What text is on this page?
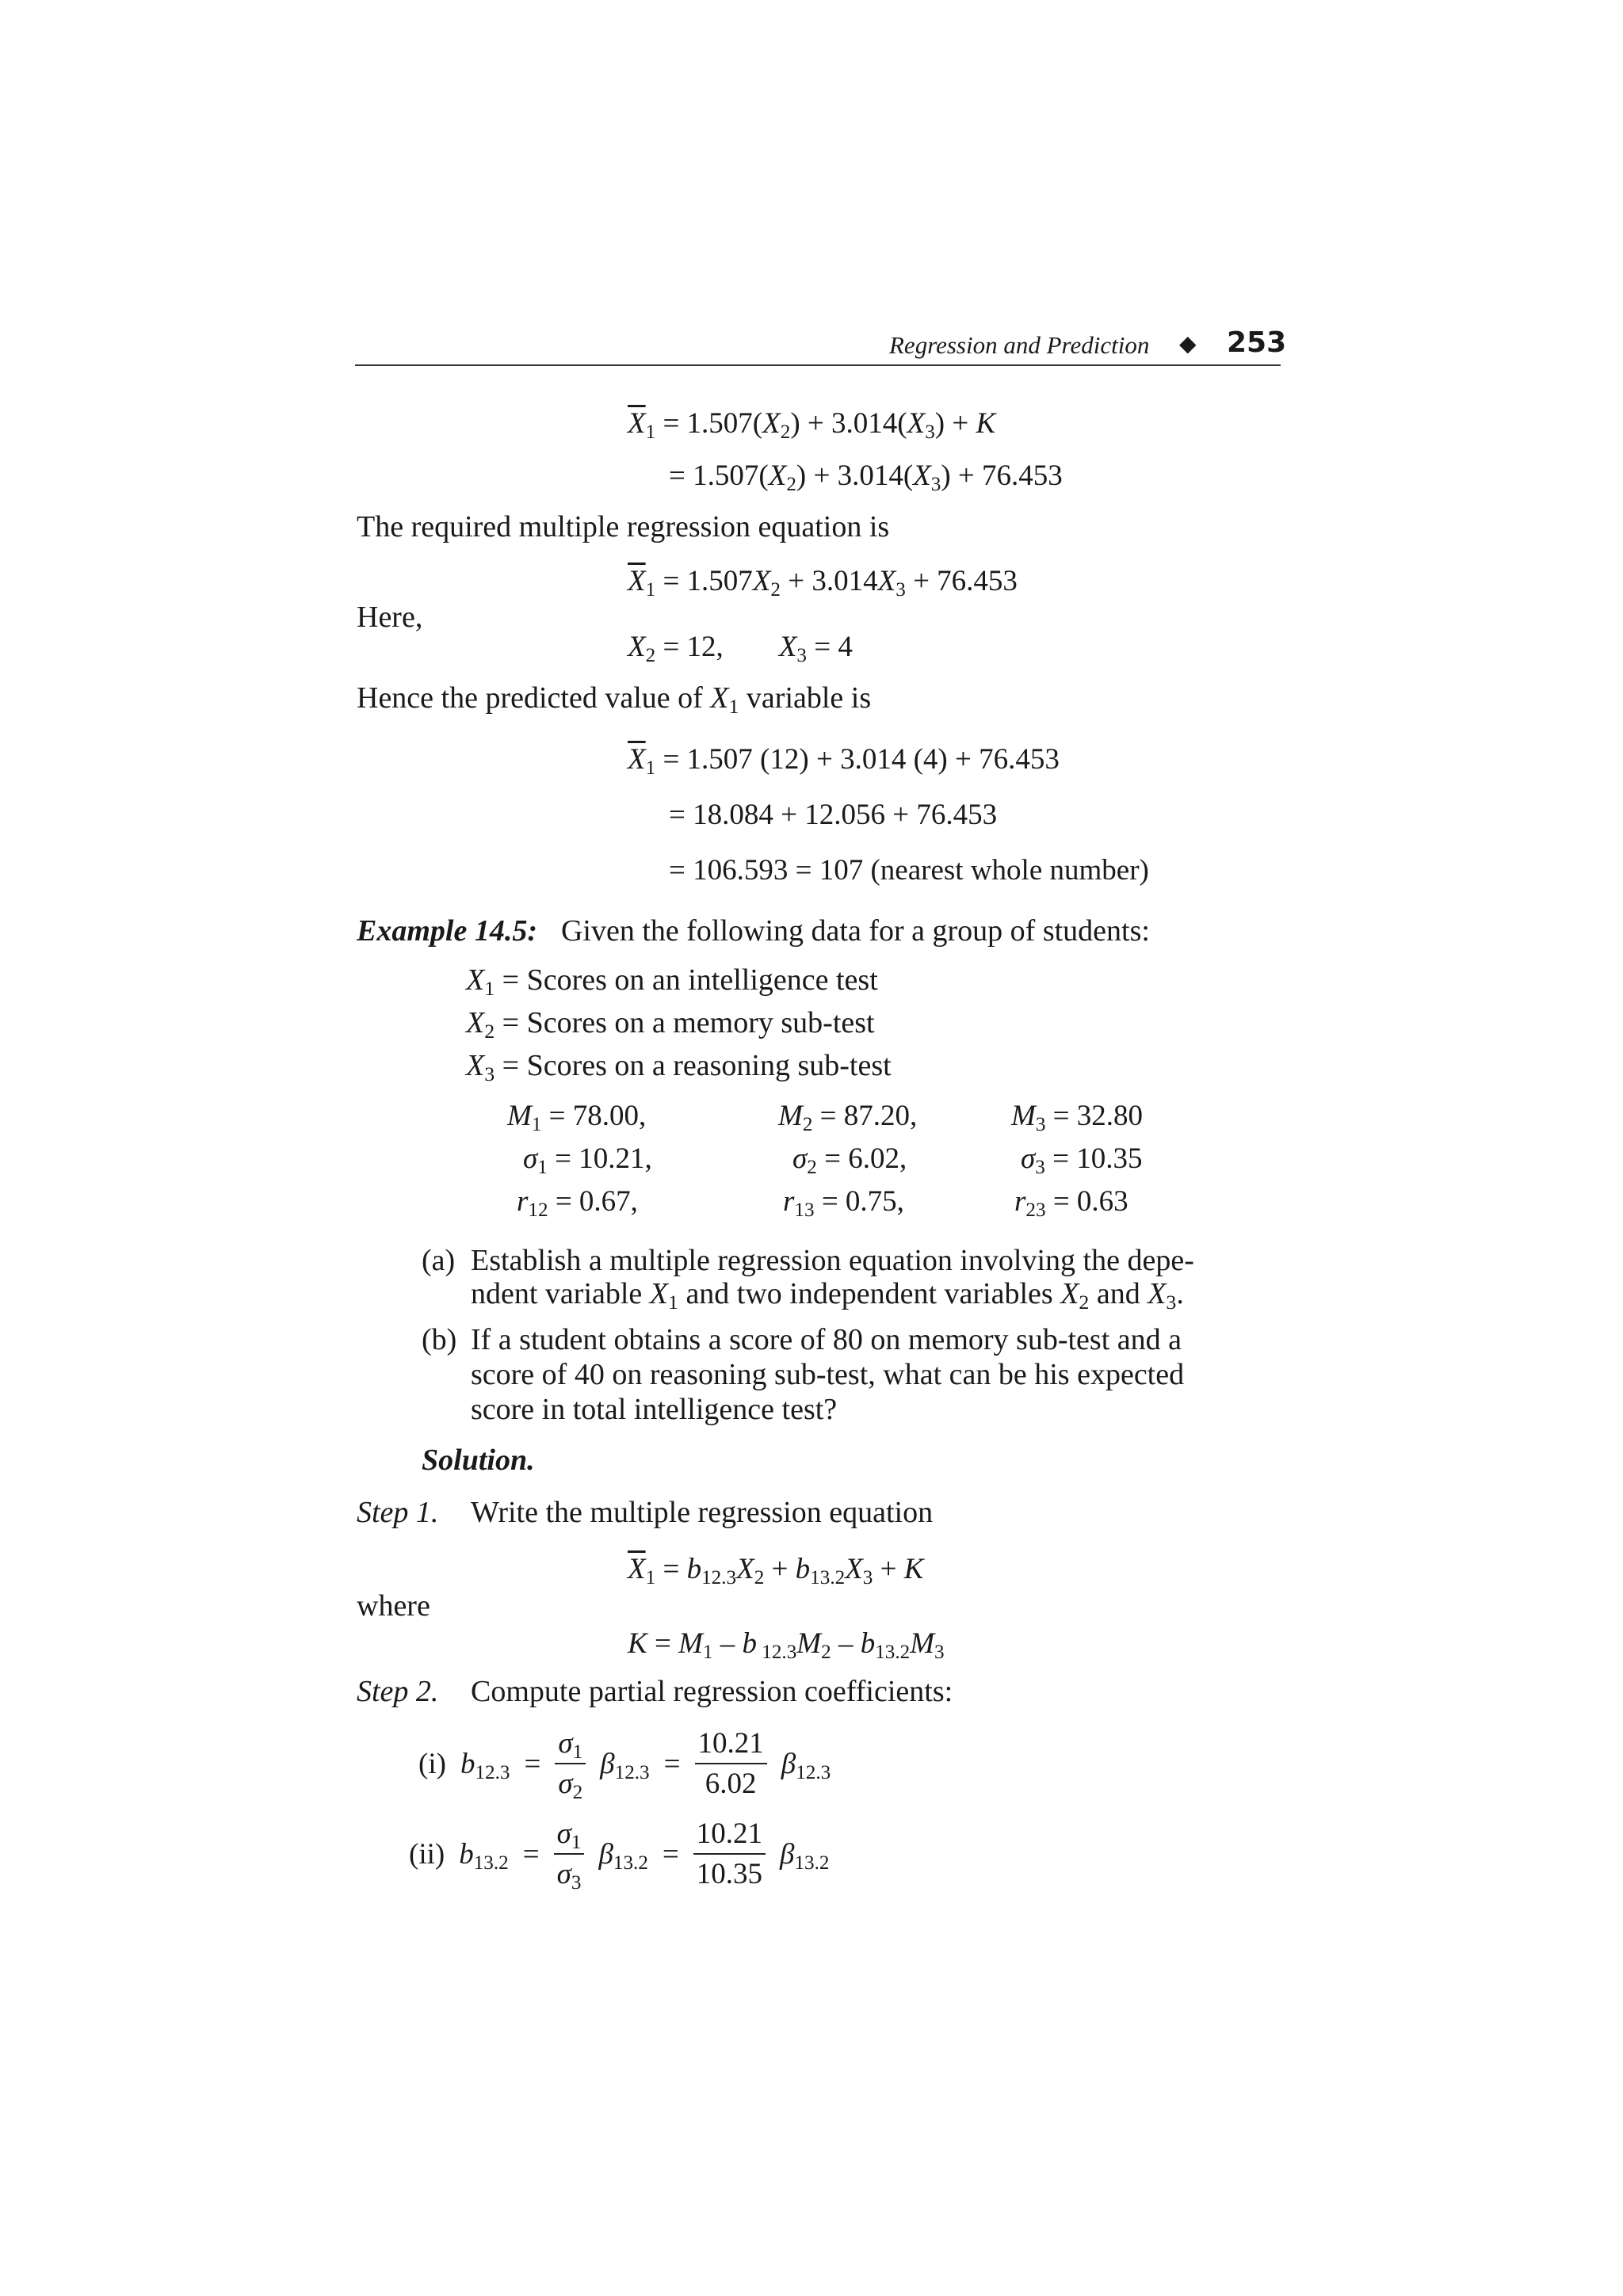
Regression and Prediction ◆ 253
$\overline{X}_1 = 1.507(X_2) + 3.014(X_3) + K$
= $1.507(X_2) + 3.014(X_3) + 76.453$
The required multiple regression equation is
$\overline{X}_1 = 1.507X_2 + 3.014X_3 + 76.453$
Here,
$X_2 = 12$, $X_3 = 4$
Hence the predicted value of $X_1$ variable is
$\overline{X}_1 = 1.507$ (12) + 3.014 (4) + 76.453
= 18.084 + 12.056 + 76.453
= 106.593 = 107 (nearest whole number)
Example 14.5: Given the following data for a group of students:
$X_1$ = Scores on an intelligence test
$X_2$ = Scores on a memory sub-test
$X_3$ = Scores on a reasoning sub-test
$M_1 = 78.00$,	$M_2 = 87.20$,	$M_3 = 32.80$
$\sigma_1 = 10.21$,	$\sigma_2 = 6.02$,	$\sigma_3 = 10.35$
$r_{12} = 0.67$,	$r_{13} = 0.75$,	$r_{23} = 0.63$
(a) Establish a multiple regression equation involving the depe-
ndent variable $X_1$ and two independent variables $X_2$ and $X_3$.
(b) If a student obtains a score of 80 on memory sub-test and a
score of 40 on reasoning sub-test, what can be his expected
score in total intelligence test?
Solution.
Step 1. Write the multiple regression equation
$\overline{X}_1 = b_{12.3}X_2 + b_{13.2}X_3 + K$
where
$K = M_1 - b$ $_{12.3}M_2 - b_{13.2}M_3$
Step 2. Compute partial regression coefficients:
(i) $b_{12.3} = \frac{\sigma_1}{\sigma_2} \beta_{12.3} = \frac{10.21}{6.02} \beta_{12.3}$
(ii) $b_{13.2} = \frac{\sigma_1}{\sigma_3} \beta_{13.2} = \frac{10.21}{10.35} \beta_{13.2}$
